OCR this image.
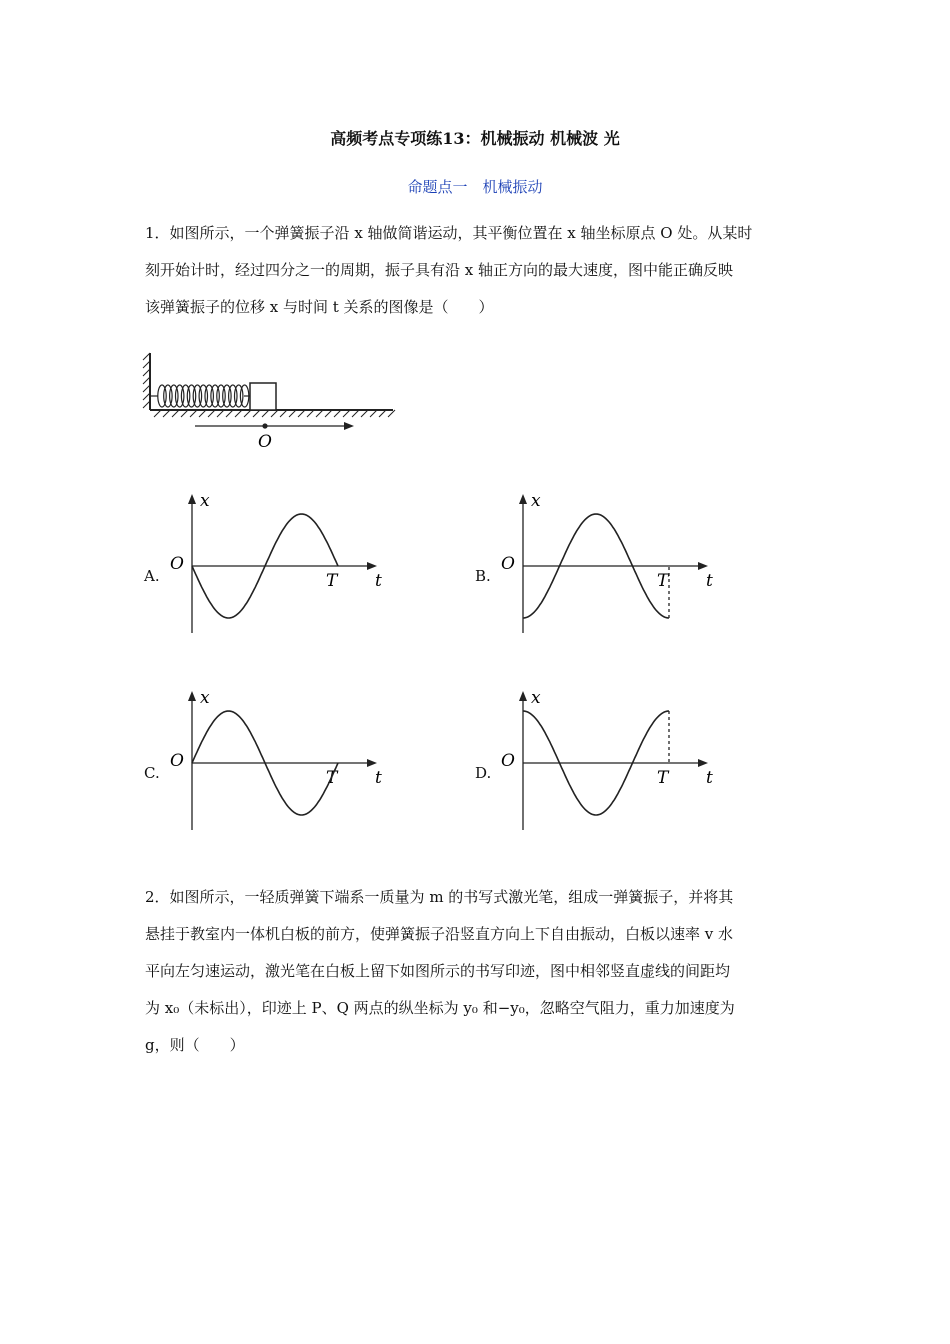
高频考点专项练13：机械振动 机械波 光
命题点一　机械振动

1．如图所示，一个弹簧振子沿 x 轴做简谐运动，其平衡位置在 x 轴坐标原点 O 处。从某时

刻开始计时，经过四分之一的周期，振子具有沿 x 轴正方向的最大速度，图中能正确反映

该弹簧振子的位移 x 与时间 t 关系的图像是（　　）

O
A.	B.
C.	D.
x
t
O
T
x
t
O
T
x
t
O
T
x
t
O
T

2．如图所示，一轻质弹簧下端系一质量为 m 的书写式激光笔，组成一弹簧振子，并将其

悬挂于教室内一体机白板的前方，使弹簧振子沿竖直方向上下自由振动，白板以速率 v 水

平向左匀速运动，激光笔在白板上留下如图所示的书写印迹，图中相邻竖直虚线的间距均

为 x₀（未标出），印迹上 P、Q 两点的纵坐标为 y₀ 和−y₀，忽略空气阻力，重力加速度为

g，则（　　）
